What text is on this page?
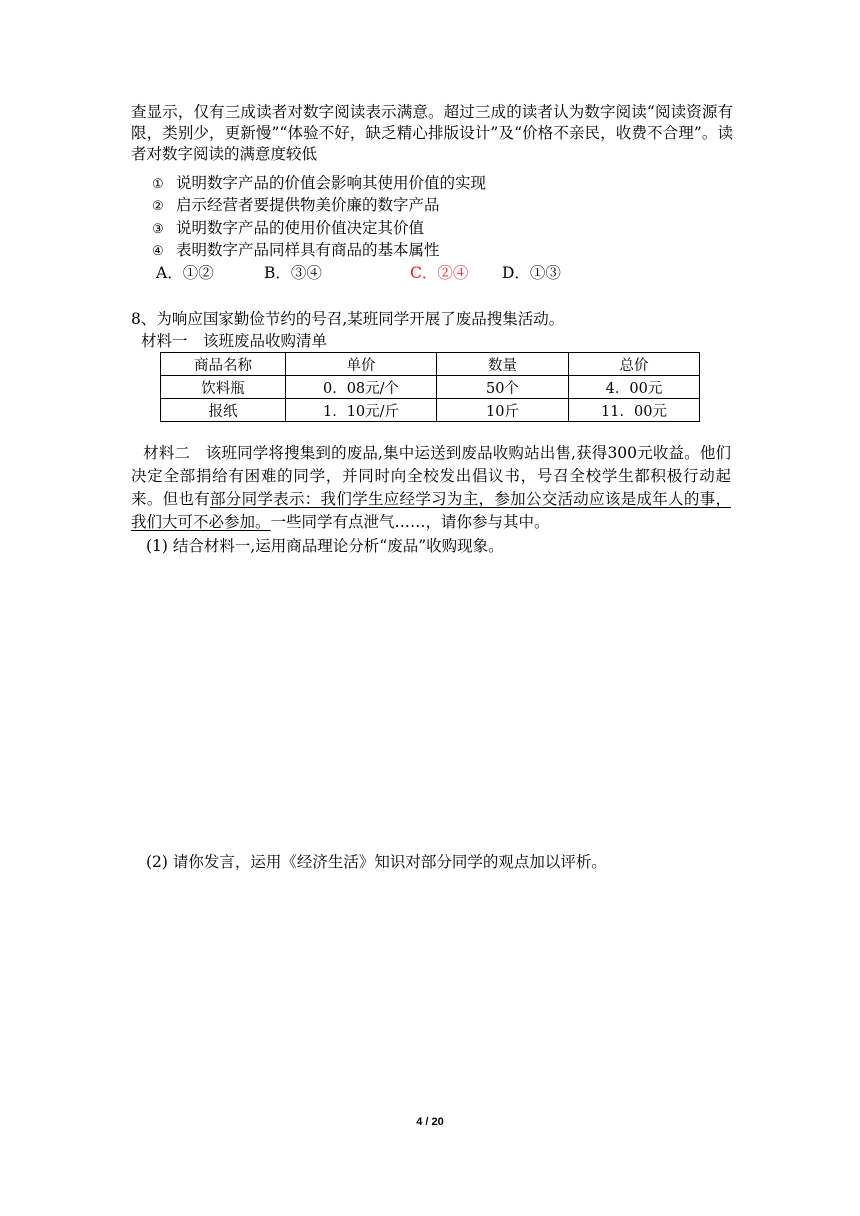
查显示，仅有三成读者对数字阅读表示满意。超过三成的读者认为数字阅读“阅读资源有限，类别少，更新慢”“体验不好，缺乏精心排版设计”及“价格不亲民，收费不合理”。读者对数字阅读的满意度较低
① 说明数字产品的价值会影响其使用价值的实现
② 启示经营者要提供物美价廉的数字产品
③ 说明数字产品的使用价值决定其价值
④ 表明数字产品同样具有商品的基本属性
A．①②	B．③④	C．②④ D．①③
8、为响应国家勤俭节约的号召,某班同学开展了废品搜集活动。
材料一　该班废品收购清单
商品名称	单价	数量	总价
饮料瓶	0．08元/个	50个	4．00元
报纸	1．10元/斤	10斤	11．00元
材料二　该班同学将搜集到的废品,集中运送到废品收购站出售,获得300元收益。他们决定全部捐给有困难的同学，并同时向全校发出倡议书，号召全校学生都积极行动起来。但也有部分同学表示：我们学生应经学习为主，参加公交活动应该是成年人的事，我们大可不必参加。一些同学有点泄气……，请你参与其中。
(1) 结合材料一,运用商品理论分析“废品”收购现象。
(2) 请你发言，运用《经济生活》知识对部分同学的观点加以评析。
4 / 20
